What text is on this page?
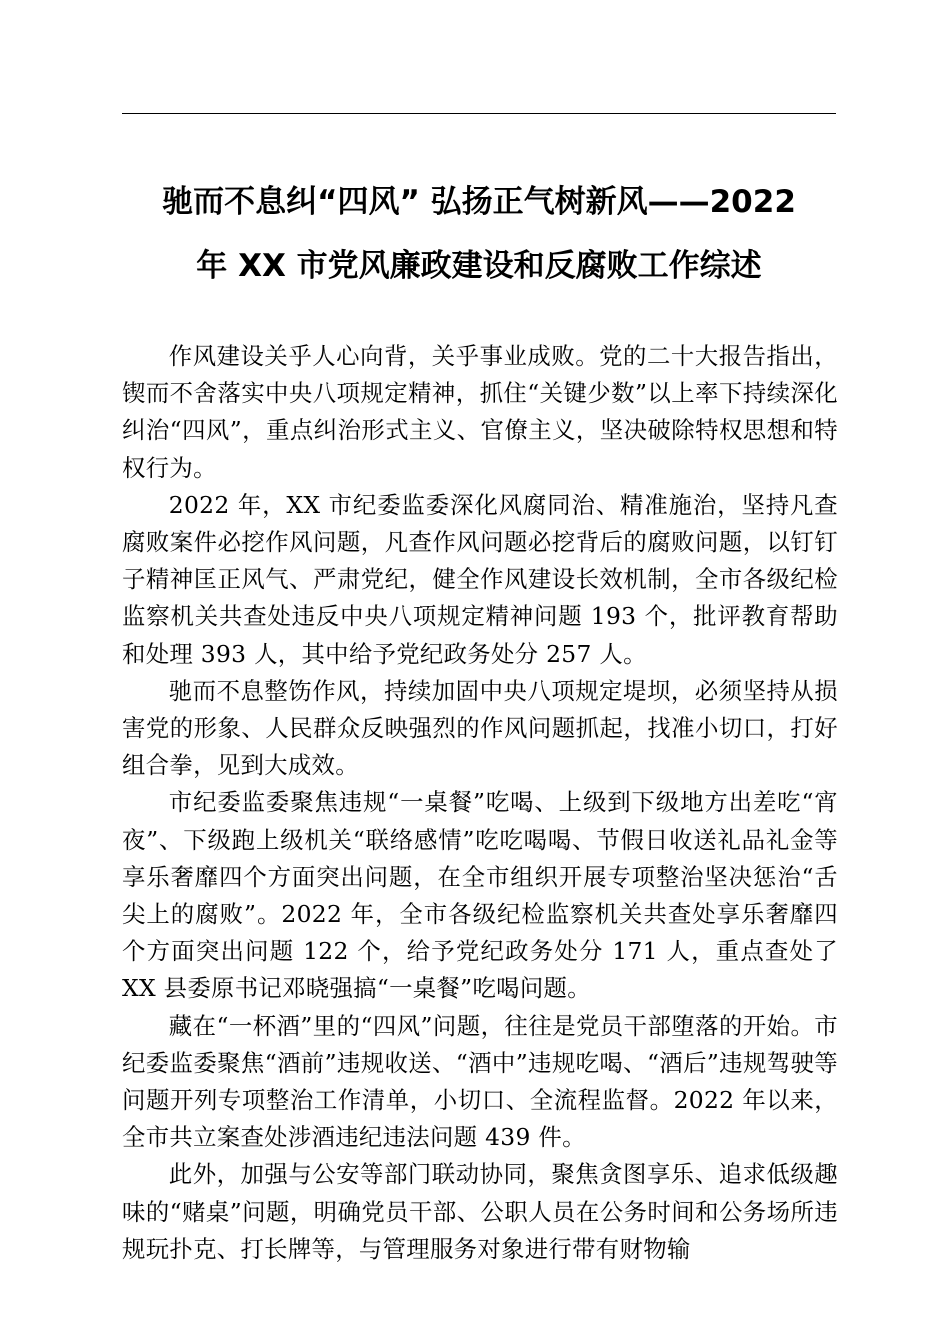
驰而不息纠“四风” 弘扬正气树新风——2022
年 XX 市党风廉政建设和反腐败工作综述

作风建设关乎人心向背，关乎事业成败。党的二十大报告指出，锲而不舍落实中央八项规定精神，抓住“关键少数”以上率下持续深化纠治“四风”，重点纠治形式主义、官僚主义，坚决破除特权思想和特权行为。

2022 年，XX 市纪委监委深化风腐同治、精准施治，坚持凡查腐败案件必挖作风问题，凡查作风问题必挖背后的腐败问题，以钉钉子精神匡正风气、严肃党纪，健全作风建设长效机制，全市各级纪检监察机关共查处违反中央八项规定精神问题 193 个，批评教育帮助和处理 393 人，其中给予党纪政务处分 257 人。

驰而不息整饬作风，持续加固中央八项规定堤坝，必须坚持从损害党的形象、人民群众反映强烈的作风问题抓起，找准小切口，打好组合拳，见到大成效。

市纪委监委聚焦违规“一桌餐”吃喝、上级到下级地方出差吃“宵夜”、下级跑上级机关“联络感情”吃吃喝喝、节假日收送礼品礼金等享乐奢靡四个方面突出问题，在全市组织开展专项整治坚决惩治“舌尖上的腐败”。2022 年，全市各级纪检监察机关共查处享乐奢靡四个方面突出问题 122 个，给予党纪政务处分 171 人，重点查处了 XX 县委原书记邓晓强搞“一桌餐”吃喝问题。

藏在“一杯酒”里的“四风”问题，往往是党员干部堕落的开始。市纪委监委聚焦“酒前”违规收送、“酒中”违规吃喝、“酒后”违规驾驶等问题开列专项整治工作清单，小切口、全流程监督。2022 年以来，全市共立案查处涉酒违纪违法问题 439 件。

此外，加强与公安等部门联动协同，聚焦贪图享乐、追求低级趣味的“赌桌”问题，明确党员干部、公职人员在公务时间和公务场所违规玩扑克、打长牌等，与管理服务对象进行带有财物输
